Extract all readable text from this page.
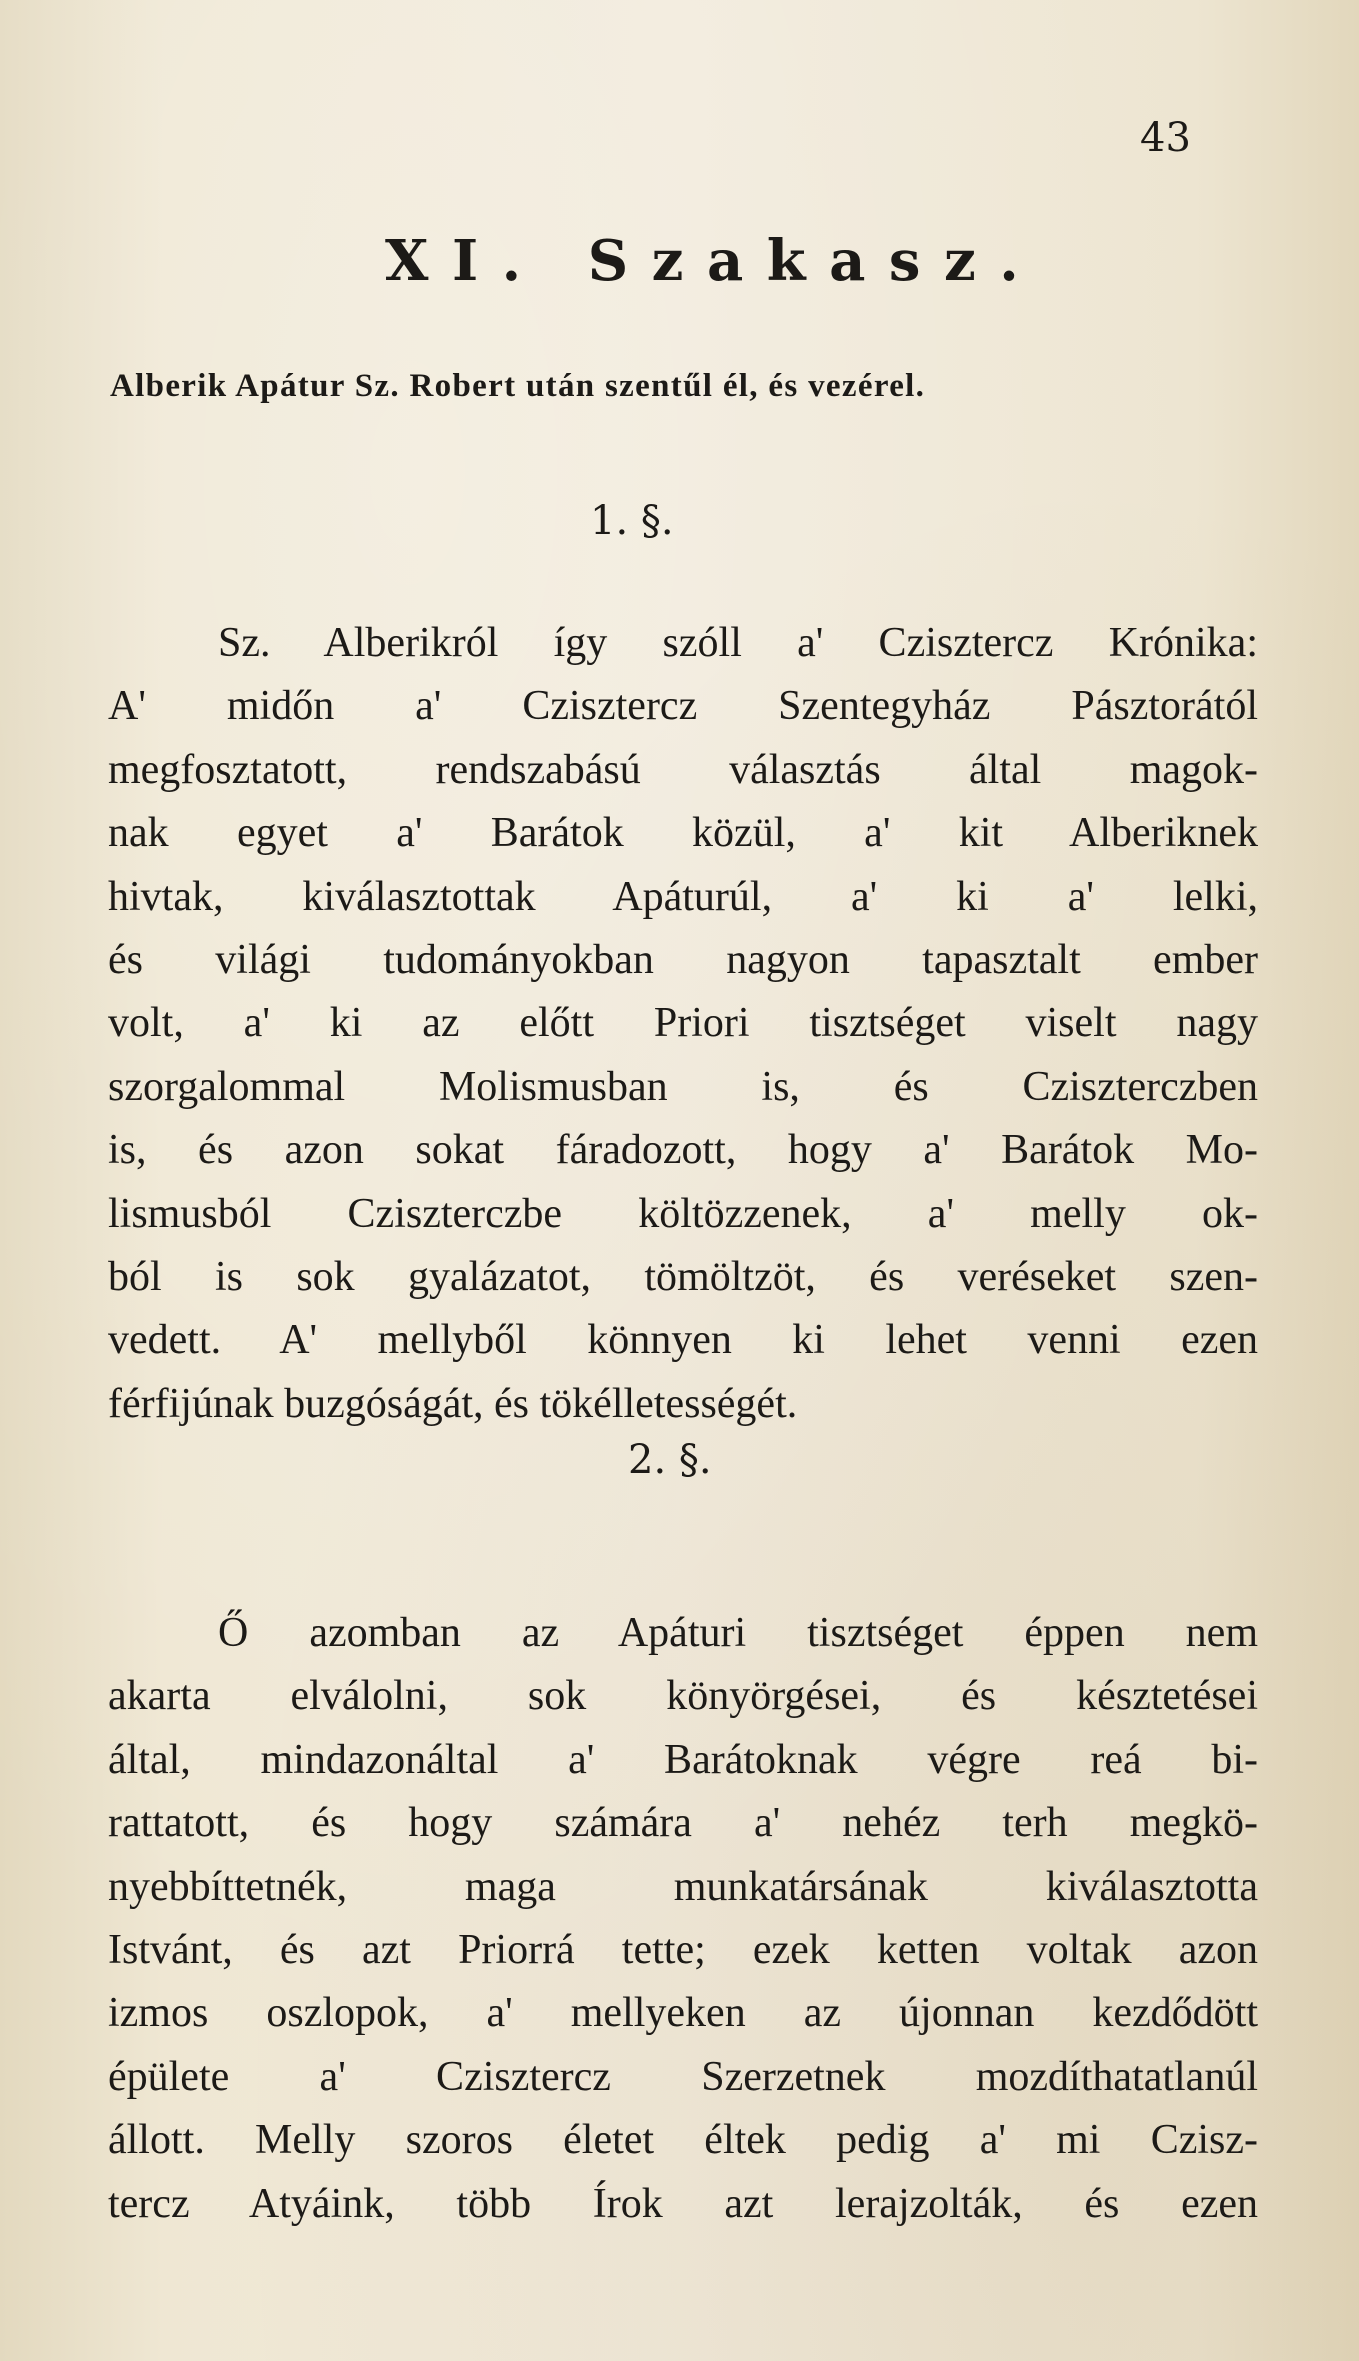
43
XI. Szakasz.
Alberik Apátur Sz. Robert után szentűl él, és vezérel.
1. §.
Sz. Alberikról így szóll a' Czisztercz Krónika:
A' midőn a' Czisztercz Szentegyház Pásztorától
megfosztatott, rendszabású választás által magok-
nak egyet a' Barátok közül, a' kit Alberiknek
hivtak, kiválasztottak Apáturúl, a' ki a' lelki,
és világi tudományokban nagyon tapasztalt ember
volt, a' ki az előtt Priori tisztséget viselt nagy
szorgalommal Molismusban is, és Cziszterczben
is, és azon sokat fáradozott, hogy a' Barátok Mo-
lismusból Cziszterczbe költözzenek, a' melly ok-
ból is sok gyalázatot, tömöltzöt, és veréseket szen-
vedett. A' mellyből könnyen ki lehet venni ezen
férfijúnak buzgóságát, és tökélletességét.
2. §.
Ő azomban az Apáturi tisztséget éppen nem
akarta elválolni, sok könyörgései, és késztetései
által, mindazonáltal a' Barátoknak végre reá bi-
rattatott, és hogy számára a' nehéz terh megkö-
nyebbíttetnék, maga munkatársának kiválasztotta
Istvánt, és azt Priorrá tette; ezek ketten voltak azon
izmos oszlopok, a' mellyeken az újonnan kezdődött
épülete a' Czisztercz Szerzetnek mozdíthatatlanúl
állott. Melly szoros életet éltek pedig a' mi Czisz-
tercz Atyáink, több Írok azt lerajzolták, és ezen
